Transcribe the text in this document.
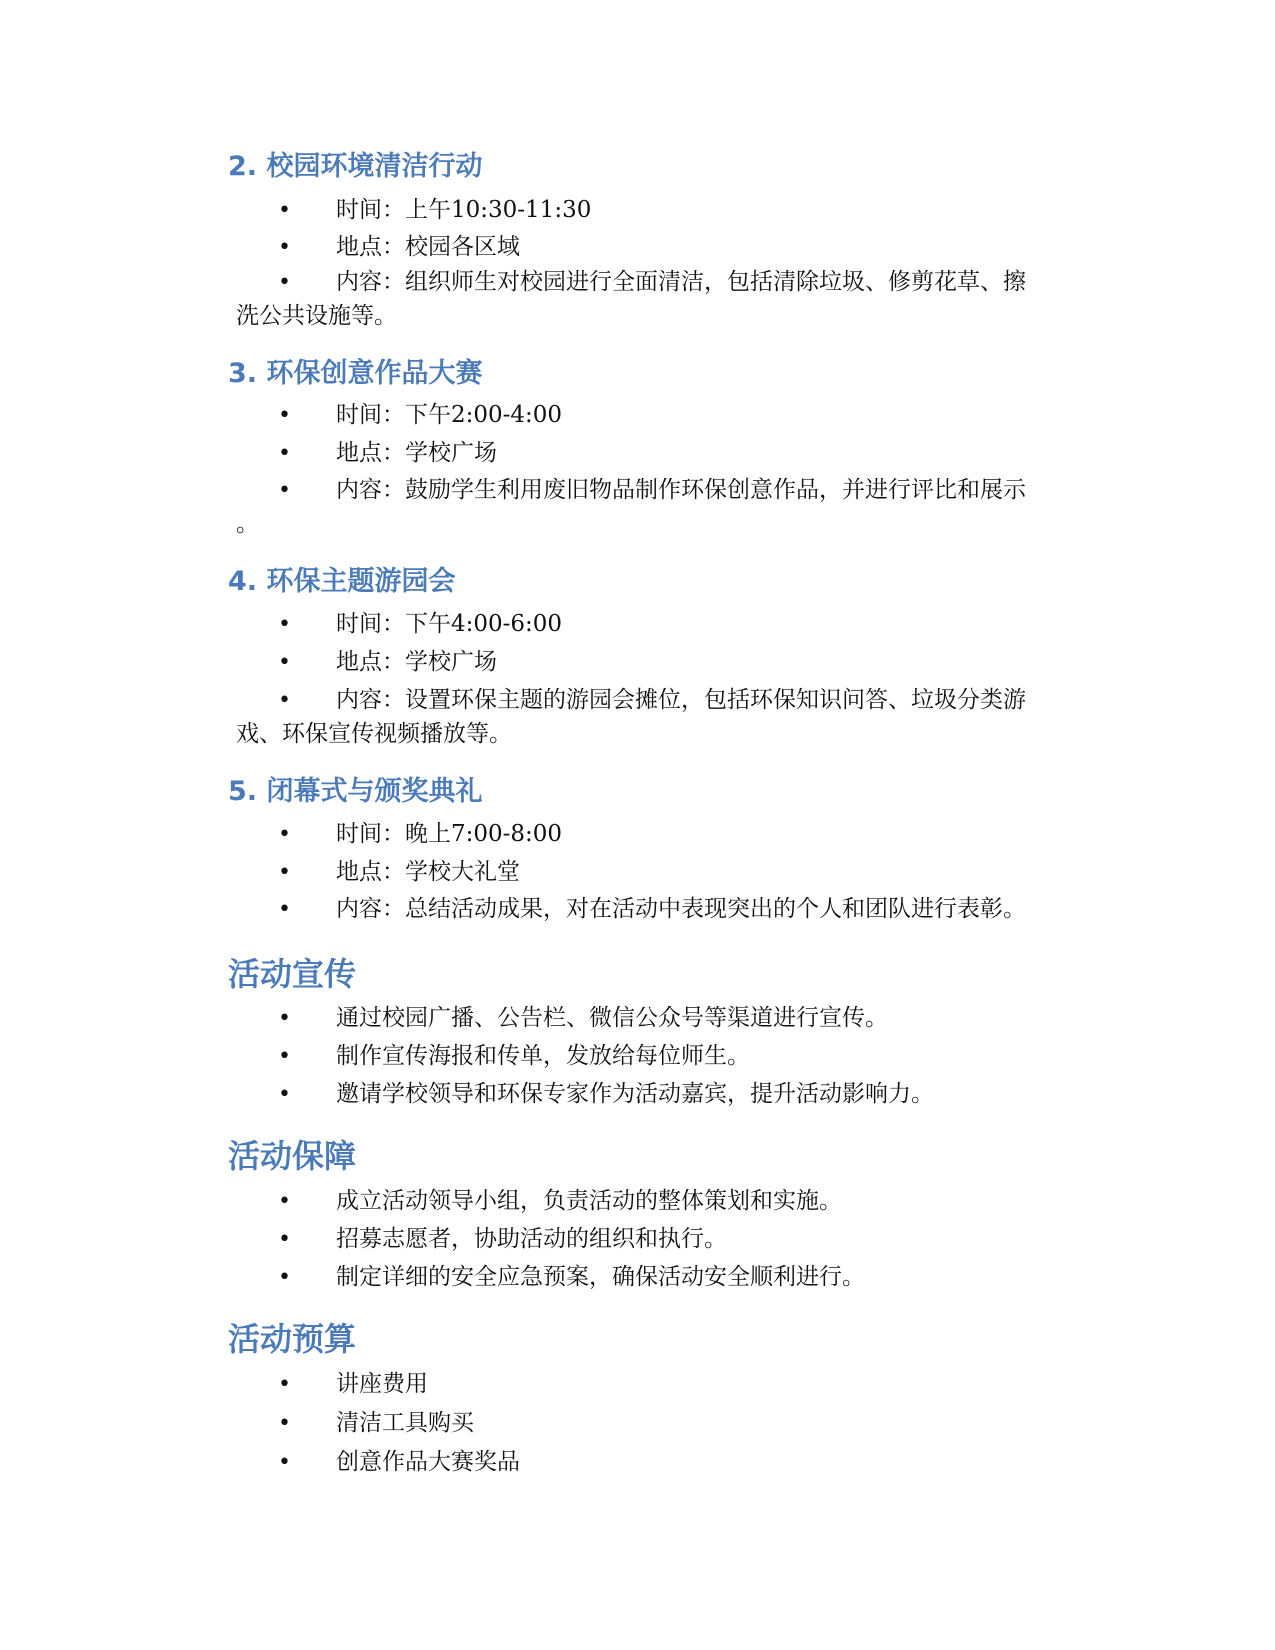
2. 校园环境清洁行动
•	时间：上午10:30-11:30
•	地点：校园各区域
•	内容：组织师生对校园进行全面清洁，包括清除垃圾、修剪花草、擦
洗公共设施等。
3. 环保创意作品大赛
•	时间：下午2:00-4:00
•	地点：学校广场
•	内容：鼓励学生利用废旧物品制作环保创意作品，并进行评比和展示
。
4. 环保主题游园会
•	时间：下午4:00-6:00
•	地点：学校广场
•	内容：设置环保主题的游园会摊位，包括环保知识问答、垃圾分类游
戏、环保宣传视频播放等。
5. 闭幕式与颁奖典礼
•	时间：晚上7:00-8:00
•	地点：学校大礼堂
•	内容：总结活动成果，对在活动中表现突出的个人和团队进行表彰。
活动宣传
•	通过校园广播、公告栏、微信公众号等渠道进行宣传。
•	制作宣传海报和传单，发放给每位师生。
•	邀请学校领导和环保专家作为活动嘉宾，提升活动影响力。
活动保障
•	成立活动领导小组，负责活动的整体策划和实施。
•	招募志愿者，协助活动的组织和执行。
•	制定详细的安全应急预案，确保活动安全顺利进行。
活动预算
•	讲座费用
•	清洁工具购买
•	创意作品大赛奖品
